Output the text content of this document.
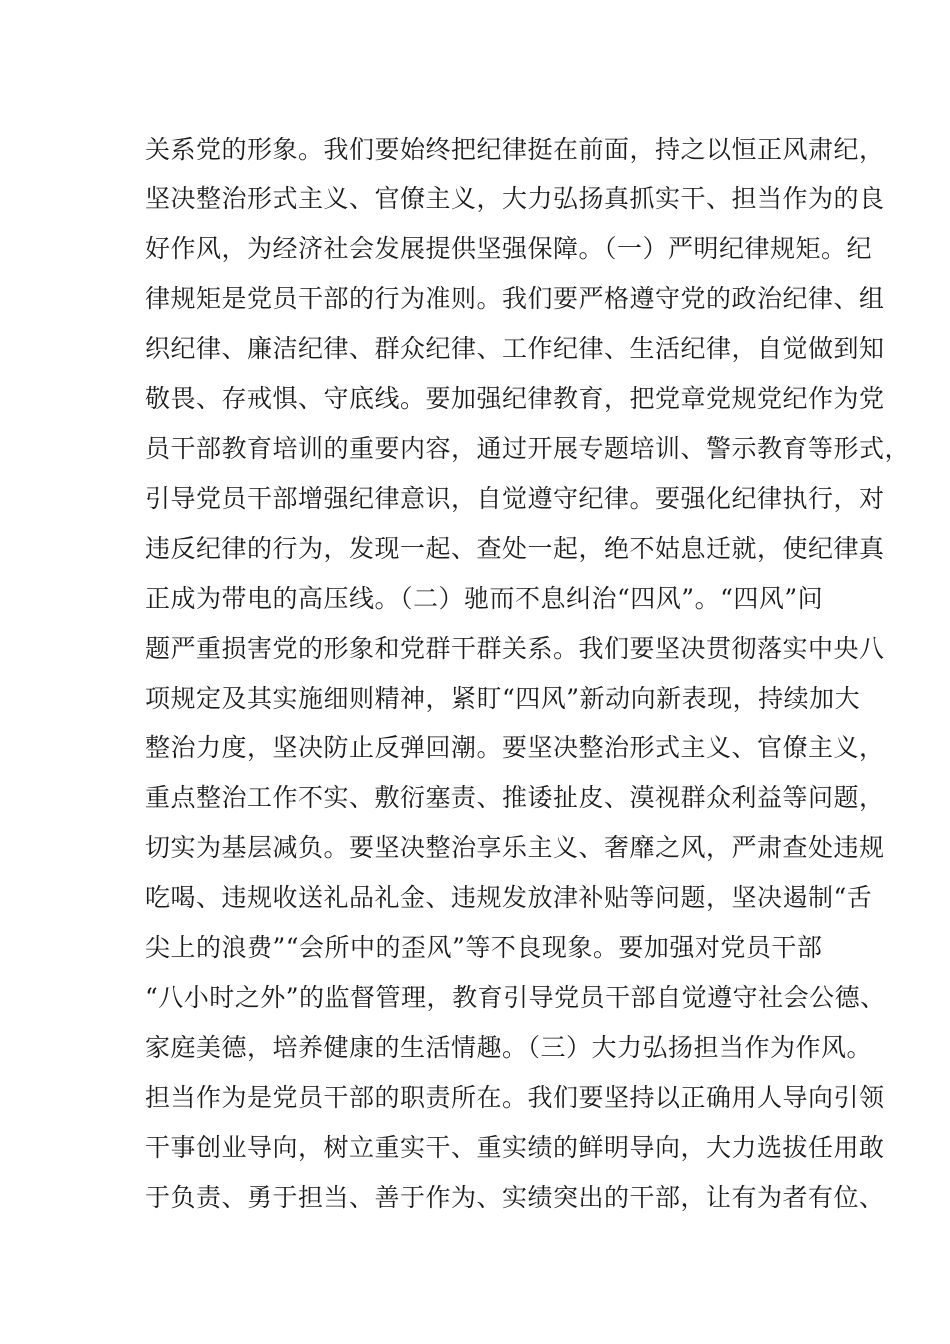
关系党的形象。我们要始终把纪律挺在前面，持之以恒正风肃纪，
坚决整治形式主义、官僚主义，大力弘扬真抓实干、担当作为的良
好作风，为经济社会发展提供坚强保障。（一）严明纪律规矩。纪
律规矩是党员干部的行为准则。我们要严格遵守党的政治纪律、组
织纪律、廉洁纪律、群众纪律、工作纪律、生活纪律，自觉做到知
敬畏、存戒惧、守底线。要加强纪律教育，把党章党规党纪作为党
员干部教育培训的重要内容，通过开展专题培训、警示教育等形式，
引导党员干部增强纪律意识，自觉遵守纪律。要强化纪律执行，对
违反纪律的行为，发现一起、查处一起，绝不姑息迁就，使纪律真
正成为带电的高压线。（二）驰而不息纠治“四风”。“四风”问
题严重损害党的形象和党群干群关系。我们要坚决贯彻落实中央八
项规定及其实施细则精神，紧盯“四风”新动向新表现，持续加大
整治力度，坚决防止反弹回潮。要坚决整治形式主义、官僚主义，
重点整治工作不实、敷衍塞责、推诿扯皮、漠视群众利益等问题，
切实为基层减负。要坚决整治享乐主义、奢靡之风，严肃查处违规
吃喝、违规收送礼品礼金、违规发放津补贴等问题，坚决遏制“舌
尖上的浪费”“会所中的歪风”等不良现象。要加强对党员干部
“八小时之外”的监督管理，教育引导党员干部自觉遵守社会公德、
家庭美德，培养健康的生活情趣。（三）大力弘扬担当作为作风。
担当作为是党员干部的职责所在。我们要坚持以正确用人导向引领
干事创业导向，树立重实干、重实绩的鲜明导向，大力选拔任用敢
于负责、勇于担当、善于作为、实绩突出的干部，让有为者有位、
